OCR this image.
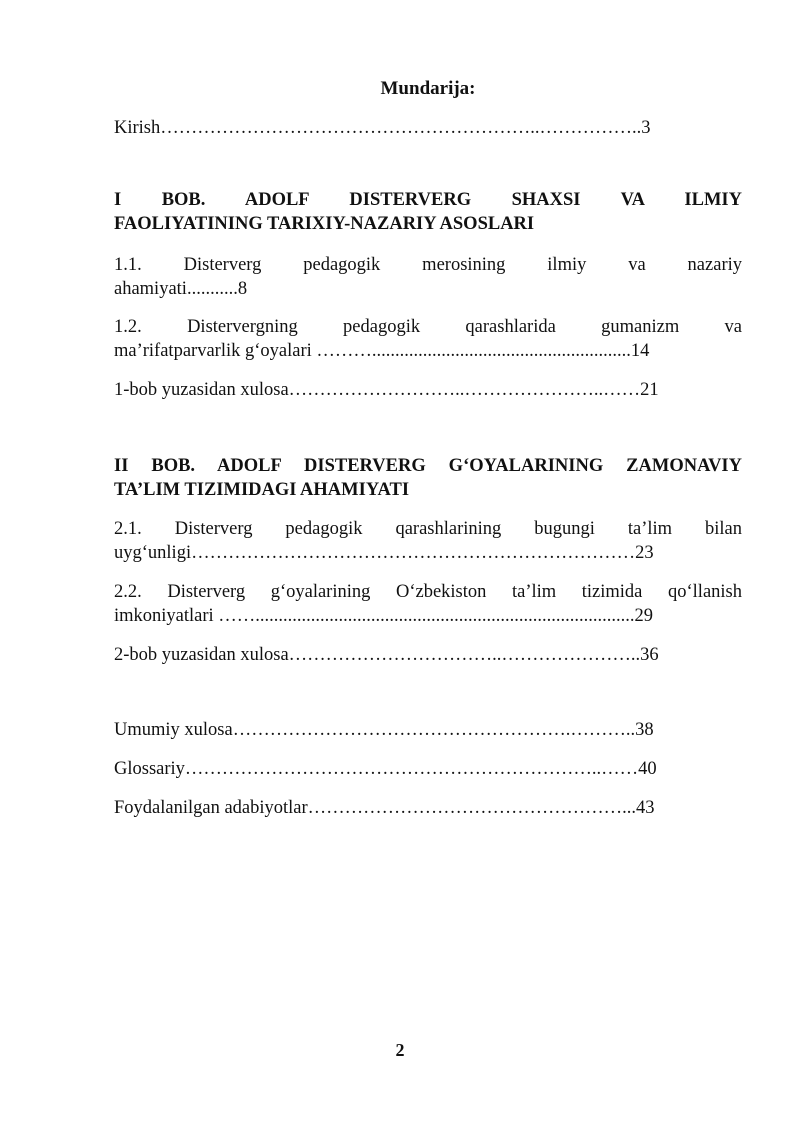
Mundarija:
Kirish……………………………………………………..……………..3
I BOB. ADOLF DISTERVERG SHAXSI VA ILMIY
FAOLIYATINING TARIXIY-NAZARIY ASOSLARI
1.1. Disterverg pedagogik merosining ilmiy va nazariy
ahamiyati...........8
1.2. Distervergning pedagogik qarashlarida gumanizm va
ma’rifatparvarlik g‘oyalari ………........................................................14
1-bob yuzasidan xulosa………………………..…………………..……21
II BOB. ADOLF DISTERVERG G‘OYALARINING ZAMONAVIY
TA’LIM TIZIMIDAGI AHAMIYATI
2.1. Disterverg pedagogik qarashlarining bugungi ta’lim bilan
uyg‘unligi………………………………………………………………23
2.2. Disterverg g‘oyalarining O‘zbekiston ta’lim tizimida qo‘llanish
imkoniyatlari ……..................................................................................29
2-bob yuzasidan xulosa……………………………..…………………..36
Umumiy xulosa……………………………………………….………..38
Glossariy…………………………………………………………..……40
Foydalanilgan adabiyotlar……………………………………………...43
2
